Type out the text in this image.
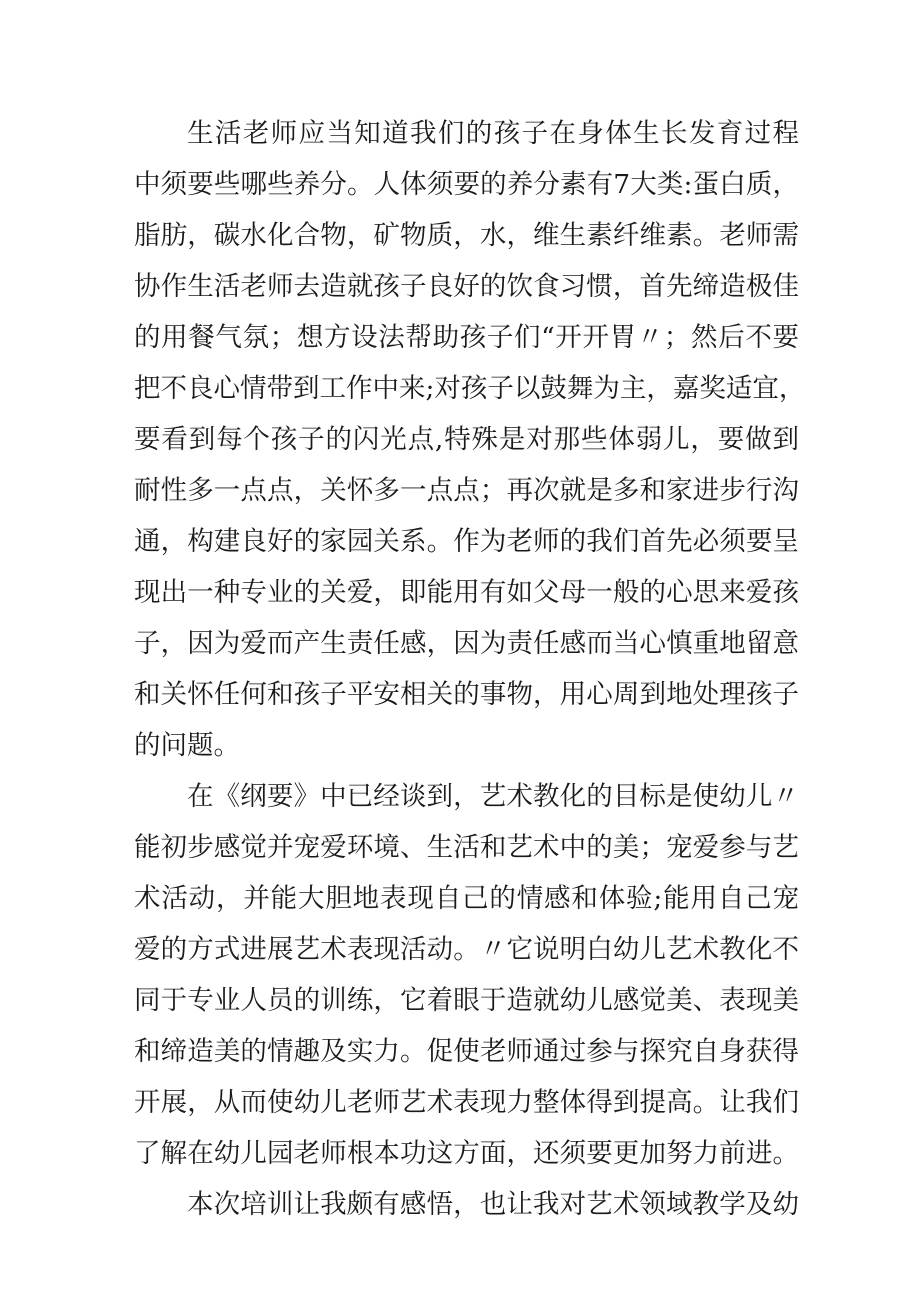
生活老师应当知道我们的孩子在身体生长发育过程
中须要些哪些养分。人体须要的养分素有7大类:蛋白质，
脂肪，碳水化合物，矿物质，水，维生素纤维素。老师需
协作生活老师去造就孩子良好的饮食习惯，首先缔造极佳
的用餐气氛；想方设法帮助孩子们“开开胃〃；然后不要
把不良心情带到工作中来;对孩子以鼓舞为主，嘉奖适宜，
要看到每个孩子的闪光点,特殊是对那些体弱儿，要做到
耐性多一点点，关怀多一点点；再次就是多和家进步行沟
通，构建良好的家园关系。作为老师的我们首先必须要呈
现出一种专业的关爱，即能用有如父母一般的心思来爱孩
子，因为爱而产生责任感，因为责任感而当心慎重地留意
和关怀任何和孩子平安相关的事物，用心周到地处理孩子
的问题。
在《纲要》中已经谈到，艺术教化的目标是使幼儿〃
能初步感觉并宠爱环境、生活和艺术中的美；宠爱参与艺
术活动，并能大胆地表现自己的情感和体验;能用自己宠
爱的方式进展艺术表现活动。〃它说明白幼儿艺术教化不
同于专业人员的训练，它着眼于造就幼儿感觉美、表现美
和缔造美的情趣及实力。促使老师通过参与探究自身获得
开展，从而使幼儿老师艺术表现力整体得到提高。让我们
了解在幼儿园老师根本功这方面，还须要更加努力前进。
本次培训让我颇有感悟，也让我对艺术领域教学及幼
